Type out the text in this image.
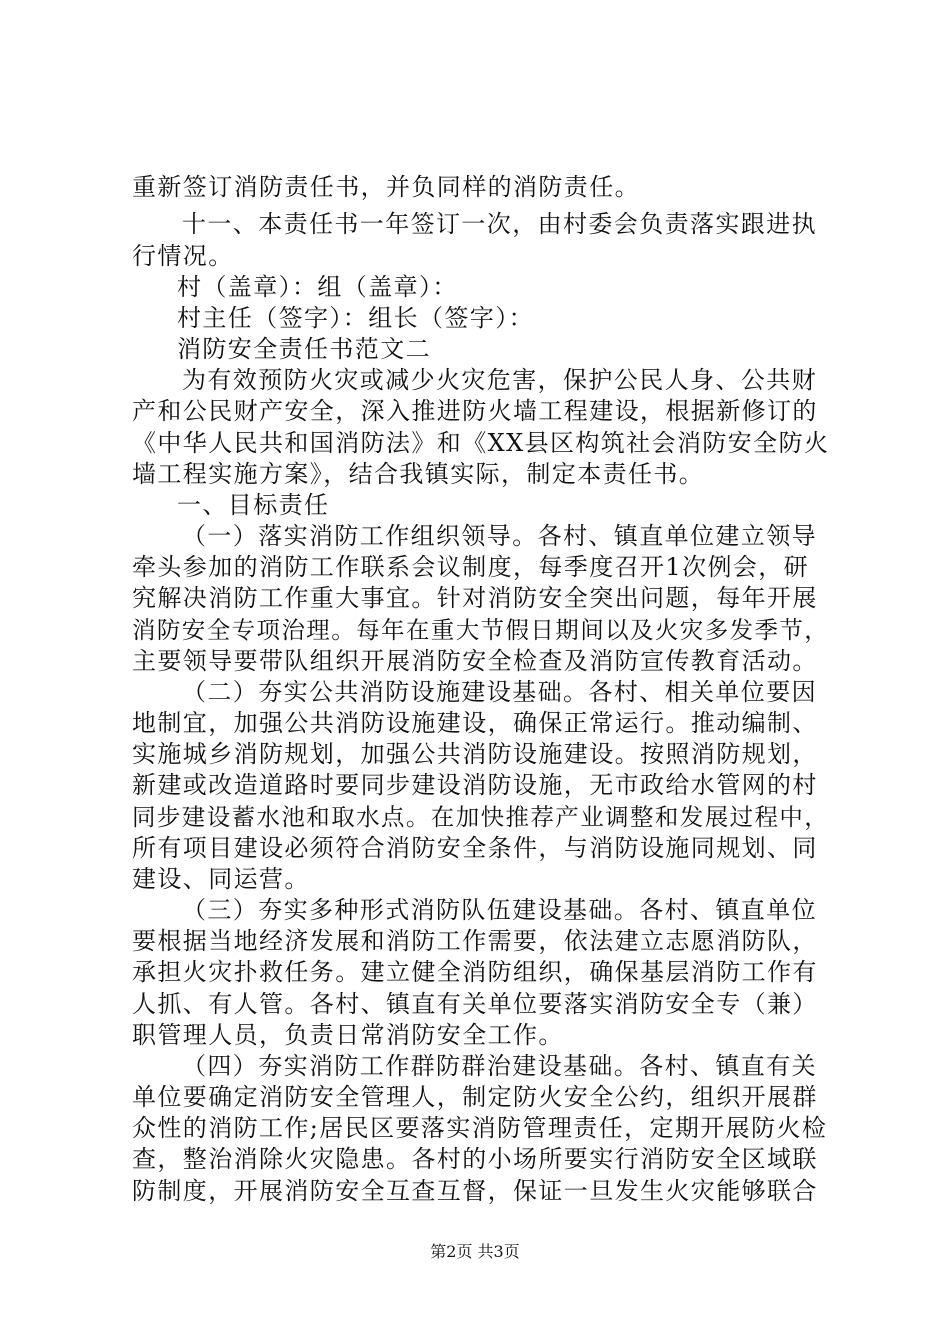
重新签订消防责任书，并负同样的消防责任。
十一、本责任书一年签订一次，由村委会负责落实跟进执
行情况。
村（盖章）：组（盖章）：
村主任（签字）：组长（签字）：
消防安全责任书范文二
为有效预防火灾或减少火灾危害，保护公民人身、公共财
产和公民财产安全，深入推进防火墙工程建设，根据新修订的
《中华人民共和国消防法》和《XX县区构筑社会消防安全防火
墙工程实施方案》，结合我镇实际，制定本责任书。
一、目标责任
（一）落实消防工作组织领导。各村、镇直单位建立领导
牵头参加的消防工作联系会议制度，每季度召开1次例会，研
究解决消防工作重大事宜。针对消防安全突出问题，每年开展
消防安全专项治理。每年在重大节假日期间以及火灾多发季节，
主要领导要带队组织开展消防安全检查及消防宣传教育活动。
（二）夯实公共消防设施建设基础。各村、相关单位要因
地制宜，加强公共消防设施建设，确保正常运行。推动编制、
实施城乡消防规划，加强公共消防设施建设。按照消防规划，
新建或改造道路时要同步建设消防设施，无市政给水管网的村
同步建设蓄水池和取水点。在加快推荐产业调整和发展过程中，
所有项目建设必须符合消防安全条件，与消防设施同规划、同
建设、同运营。
（三）夯实多种形式消防队伍建设基础。各村、镇直单位
要根据当地经济发展和消防工作需要，依法建立志愿消防队，
承担火灾扑救任务。建立健全消防组织，确保基层消防工作有
人抓、有人管。各村、镇直有关单位要落实消防安全专（兼）
职管理人员，负责日常消防安全工作。
（四）夯实消防工作群防群治建设基础。各村、镇直有关
单位要确定消防安全管理人，制定防火安全公约，组织开展群
众性的消防工作;居民区要落实消防管理责任，定期开展防火检
查，整治消除火灾隐患。各村的小场所要实行消防安全区域联
防制度，开展消防安全互查互督，保证一旦发生火灾能够联合
第2页 共3页
